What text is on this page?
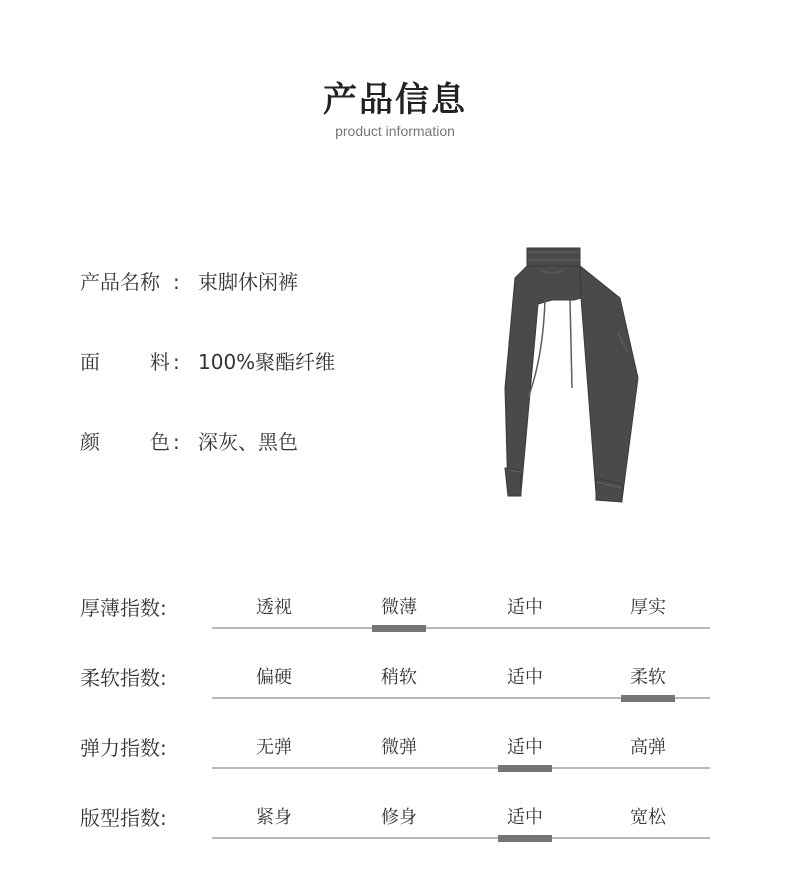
产品信息
product information
产品名称 : 束脚休闲裤
面	料 : 100%聚酯纤维
颜	色 : 深灰、黑色
厚薄指数:	透视	微薄	适中	厚实
柔软指数:	偏硬	稍软	适中	柔软
弹力指数:	无弹	微弹	适中	高弹
版型指数:	紧身	修身	适中	宽松
